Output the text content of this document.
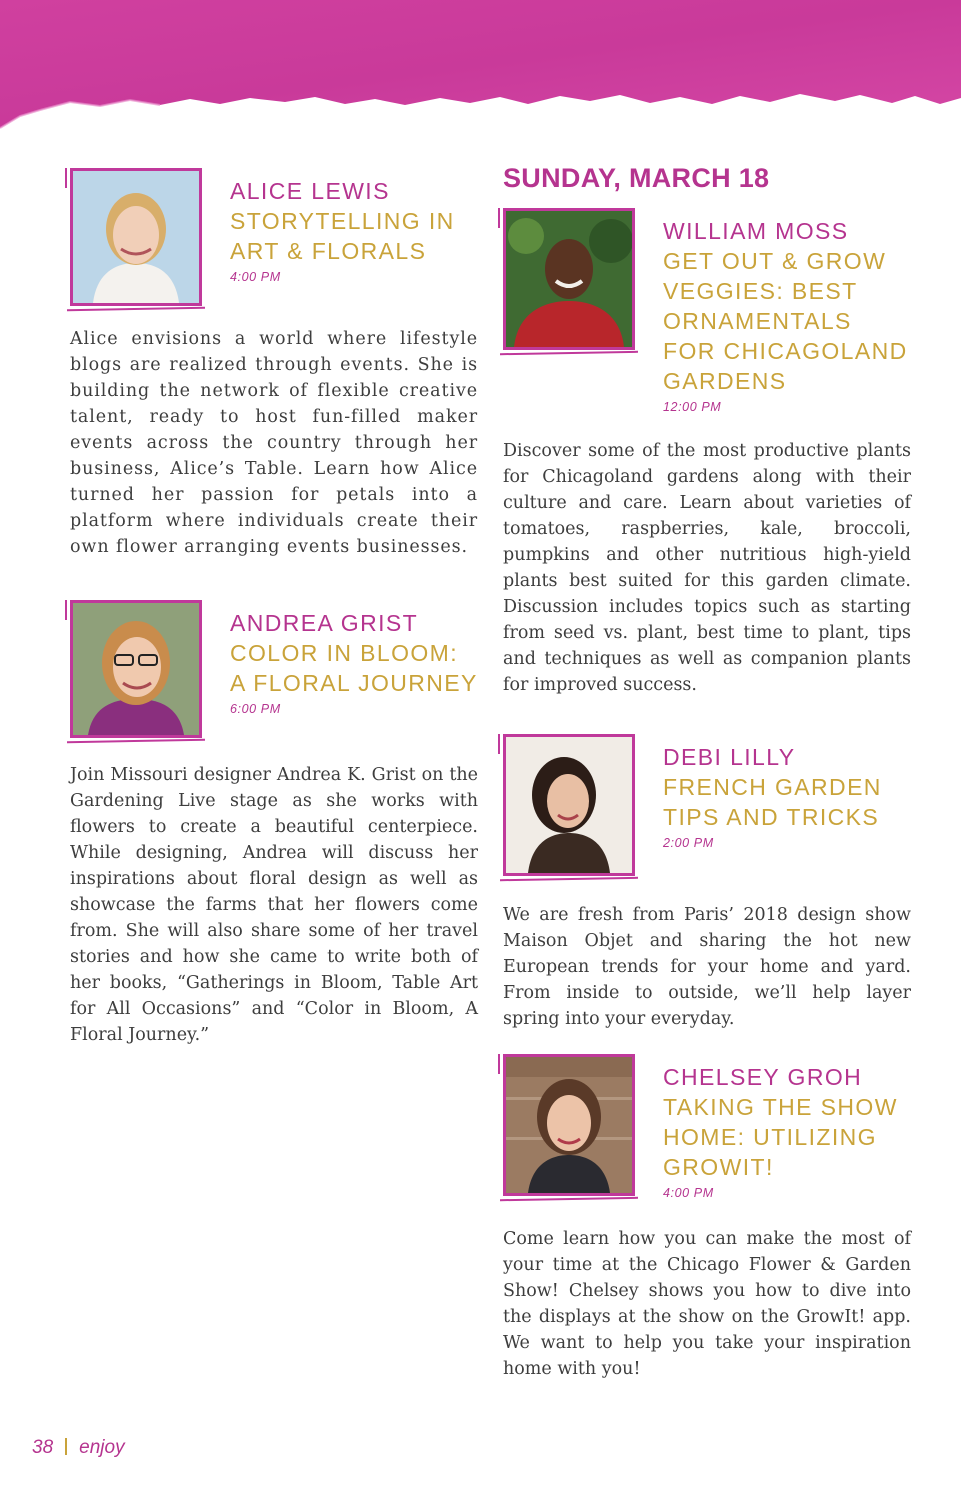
ALICE LEWIS
STORYTELLING IN ART & FLORALS
4:00 PM

Alice envisions a world where lifestyle blogs are realized through events. She is building the network of flexible creative talent, ready to host fun-filled maker events across the country through her business, Alice’s Table. Learn how Alice turned her passion for petals into a platform where individuals create their own flower arranging events businesses.

ANDREA GRIST
COLOR IN BLOOM: A FLORAL JOURNEY
6:00 PM

Join Missouri designer Andrea K. Grist on the Gardening Live stage as she works with flowers to create a beautiful centerpiece. While designing, Andrea will discuss her inspirations about floral design as well as showcase the farms that her flowers come from. She will also share some of her travel stories and how she came to write both of her books, “Gatherings in Bloom, Table Art for All Occasions” and “Color in Bloom, A Floral Journey.”

SUNDAY, MARCH 18
WILLIAM MOSS
GET OUT & GROW VEGGIES: BEST ORNAMENTALS FOR CHICAGOLAND GARDENS
12:00 PM

Discover some of the most productive plants for Chicagoland gardens along with their culture and care. Learn about varieties of tomatoes, raspberries, kale, broccoli, pumpkins and other nutritious high-yield plants best suited for this garden climate. Discussion includes topics such as starting from seed vs. plant, best time to plant, tips and techniques as well as companion plants for improved success.

DEBI LILLY
FRENCH GARDEN TIPS AND TRICKS
2:00 PM

We are fresh from Paris’ 2018 design show Maison Objet and sharing the hot new European trends for your home and yard. From inside to outside, we’ll help layer spring into your everyday.

CHELSEY GROH
TAKING THE SHOW HOME: UTILIZING GROWIT!
4:00 PM

Come learn how you can make the most of your time at the Chicago Flower & Garden Show! Chelsey shows you how to dive into the displays at the show on the GrowIt! app. We want to help you take your inspiration home with you!

38 enjoy
